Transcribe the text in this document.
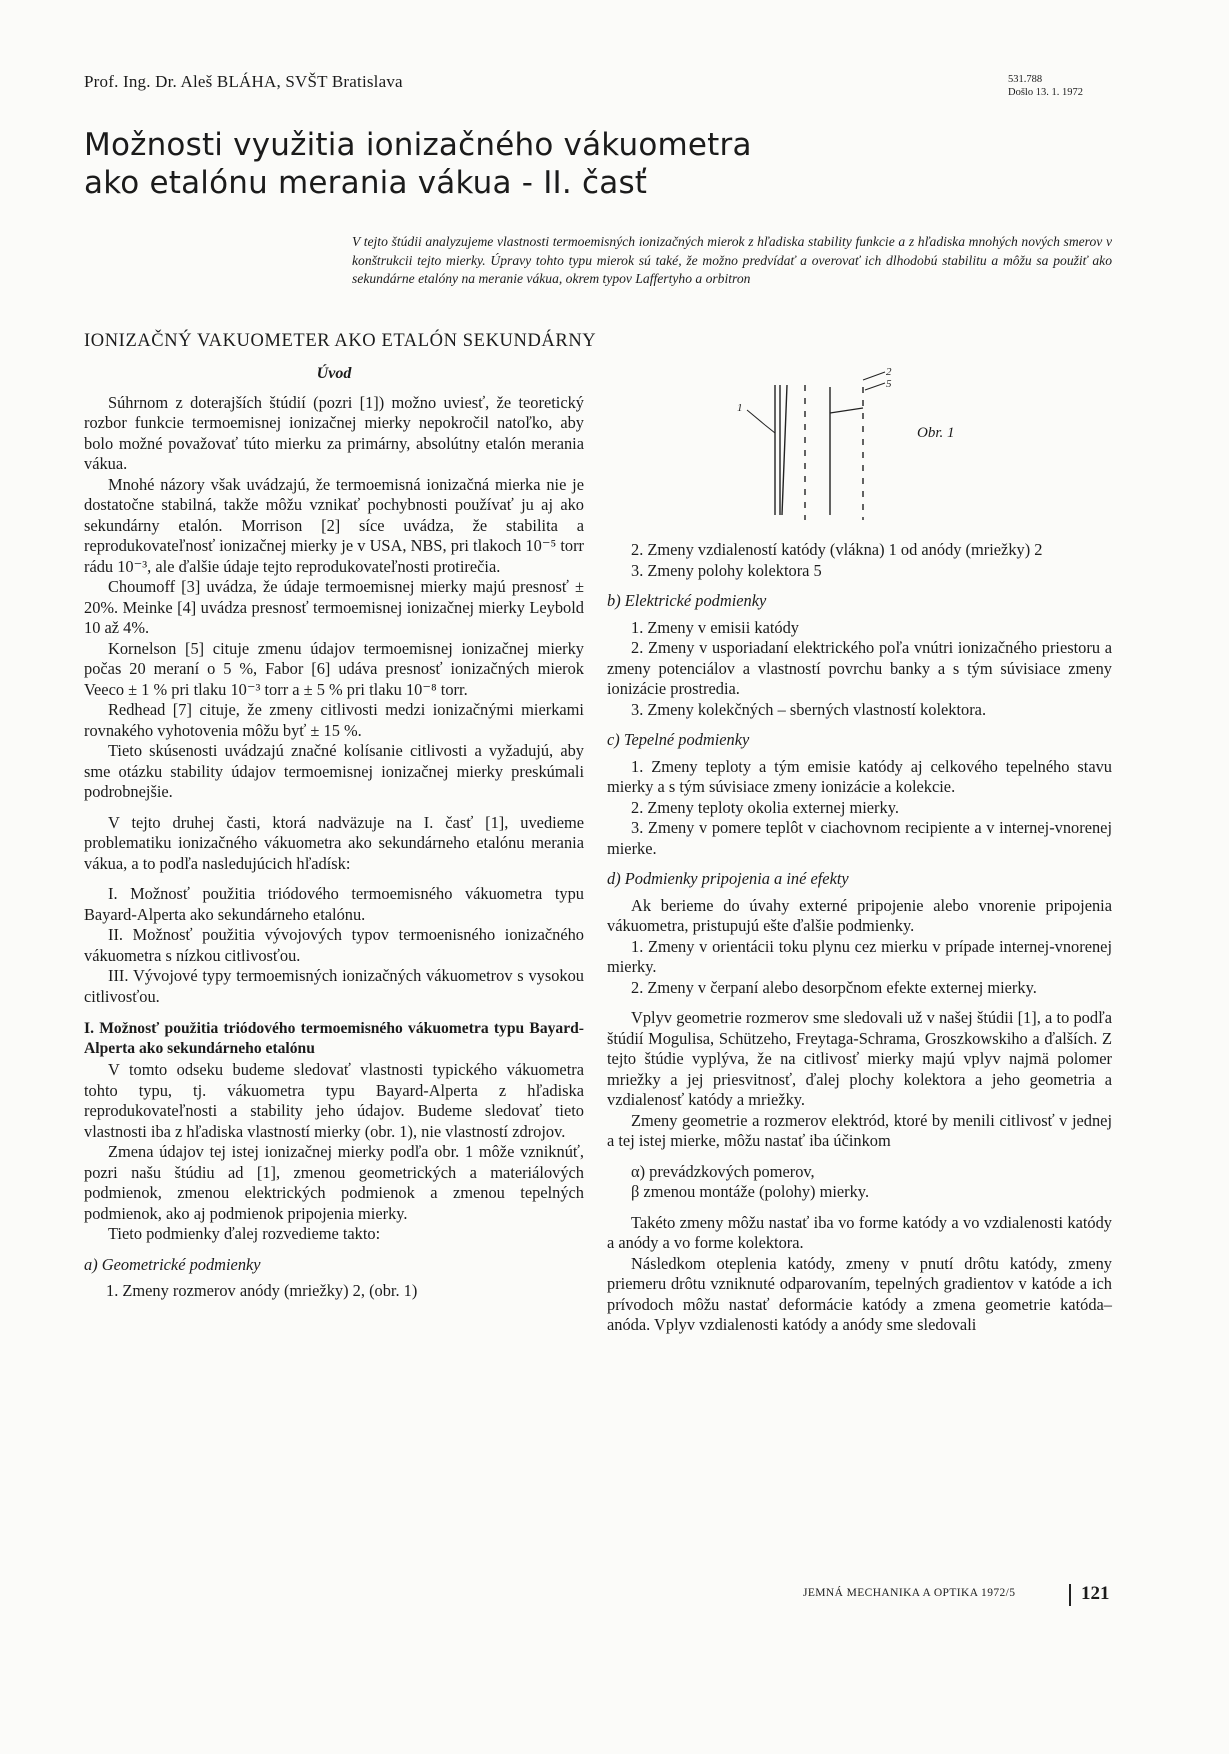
Prof. Ing. Dr. Aleš BLÁHA, SVŠT Bratislava	531.788
Došlo 13. 1. 1972
Možnosti využitia ionizačného vákuometra
ako etalónu merania vákua - II. časť
V tejto štúdii analyzujeme vlastnosti termoemisných ionizačných mierok z hľadiska stability funkcie a z hľadiska mnohých nových smerov v konštrukcii tejto mierky. Úpravy tohto typu mierok sú také, že možno predvídať a overovať ich dlhodobú stabilitu a môžu sa použiť ako sekundárne etalóny na meranie vákua, okrem typov Laffertyho a orbitron
IONIZAČNÝ VAKUOMETER AKO ETALÓN SEKUNDÁRNY
Úvod

Súhrnom z doterajších štúdií (pozri [1]) možno uviesť, že teoretický rozbor funkcie termoemisnej ionizačnej mierky nepokročil natoľko, aby bolo možné považovať túto mierku za primárny, absolútny etalón merania vákua.

Mnohé názory však uvádzajú, že termoemisná ionizačná mierka nie je dostatočne stabilná, takže môžu vznikať pochybnosti používať ju aj ako sekundárny etalón. Morrison [2] síce uvádza, že stabilita a reprodukovateľnosť ionizačnej mierky je v USA, NBS, pri tlakoch 10⁻⁵ torr rádu 10⁻³, ale ďalšie údaje tejto reprodukovateľnosti protirečia.

Choumoff [3] uvádza, že údaje termoemisnej mierky majú presnosť ± 20%. Meinke [4] uvádza presnosť termoemisnej ionizačnej mierky Leybold 10 až 4%.

Kornelson [5] cituje zmenu údajov termoemisnej ionizačnej mierky počas 20 meraní o 5 %, Fabor [6] udáva presnosť ionizačných mierok Veeco ± 1 % pri tlaku 10⁻³ torr a ± 5 % pri tlaku 10⁻⁸ torr.

Redhead [7] cituje, že zmeny citlivosti medzi ionizačnými mierkami rovnakého vyhotovenia môžu byť ± 15 %.

Tieto skúsenosti uvádzajú značné kolísanie citlivosti a vyžadujú, aby sme otázku stability údajov termoemisnej ionizačnej mierky preskúmali podrobnejšie.

V tejto druhej časti, ktorá nadväzuje na I. časť [1], uvedieme problematiku ionizačného vákuometra ako sekundárneho etalónu merania vákua, a to podľa nasledujúcich hľadísk:

I. Možnosť použitia triódového termoemisného vákuometra typu Bayard-Alperta ako sekundárneho etalónu.

II. Možnosť použitia vývojových typov termoenisného ionizačného vákuometra s nízkou citlivosťou.

III. Vývojové typy termoemisných ionizačných vákuometrov s vysokou citlivosťou.

I. Možnosť použitia triódového termoemisného vákuometra typu Bayard-Alperta ako sekundárneho etalónu

V tomto odseku budeme sledovať vlastnosti typického vákuometra tohto typu, tj. vákuometra typu Bayard-Alperta z hľadiska reprodukovateľnosti a stability jeho údajov. Budeme sledovať tieto vlastnosti iba z hľadiska vlastností mierky (obr. 1), nie vlastností zdrojov.

Zmena údajov tej istej ionizačnej mierky podľa obr. 1 môže vzniknúť, pozri našu štúdiu ad [1], zmenou geometrických a materiálových podmienok, zmenou elektrických podmienok a zmenou tepelných podmienok, ako aj podmienok pripojenia mierky.

Tieto podmienky ďalej rozvedieme takto:

a) Geometrické podmienky

1. Zmeny rozmerov anódy (mriežky) 2, (obr. 1)

1
2
5
Obr. 1

2. Zmeny vzdialeností katódy (vlákna) 1 od anódy (mriežky) 2

3. Zmeny polohy kolektora 5

b) Elektrické podmienky

1. Zmeny v emisii katódy

2. Zmeny v usporiadaní elektrického poľa vnútri ionizačného priestoru a zmeny potenciálov a vlastností povrchu banky a s tým súvisiace zmeny ionizácie prostredia.

3. Zmeny kolekčných – sberných vlastností kolektora.

c) Tepelné podmienky

1. Zmeny teploty a tým emisie katódy aj celkového tepelného stavu mierky a s tým súvisiace zmeny ionizácie a kolekcie.

2. Zmeny teploty okolia externej mierky.

3. Zmeny v pomere teplôt v ciachovnom recipiente a v internej-vnorenej mierke.

d) Podmienky pripojenia a iné efekty

Ak berieme do úvahy externé pripojenie alebo vnorenie pripojenia vákuometra, pristupujú ešte ďalšie podmienky.

1. Zmeny v orientácii toku plynu cez mierku v prípade internej-vnorenej mierky.

2. Zmeny v čerpaní alebo desorpčnom efekte externej mierky.

Vplyv geometrie rozmerov sme sledovali už v našej štúdii [1], a to podľa štúdií Mogulisa, Schützeho, Freytaga-Schrama, Groszkowskiho a ďalších. Z tejto štúdie vyplýva, že na citlivosť mierky majú vplyv najmä polomer mriežky a jej priesvitnosť, ďalej plochy kolektora a jeho geometria a vzdialenosť katódy a mriežky.

Zmeny geometrie a rozmerov elektród, ktoré by menili citlivosť v jednej a tej istej mierke, môžu nastať iba účinkom

α) prevádzkových pomerov,

β zmenou montáže (polohy) mierky.

Takéto zmeny môžu nastať iba vo forme katódy a vo vzdialenosti katódy a anódy a vo forme kolektora.

Následkom oteplenia katódy, zmeny v pnutí drôtu katódy, zmeny priemeru drôtu vzniknuté odparovaním, tepelných gradientov v katóde a ich prívodoch môžu nastať deformácie katódy a zmena geometrie katóda–anóda. Vplyv vzdialenosti katódy a anódy sme sledovali

JEMNÁ MECHANIKA A OPTIKA 1972/5	121
